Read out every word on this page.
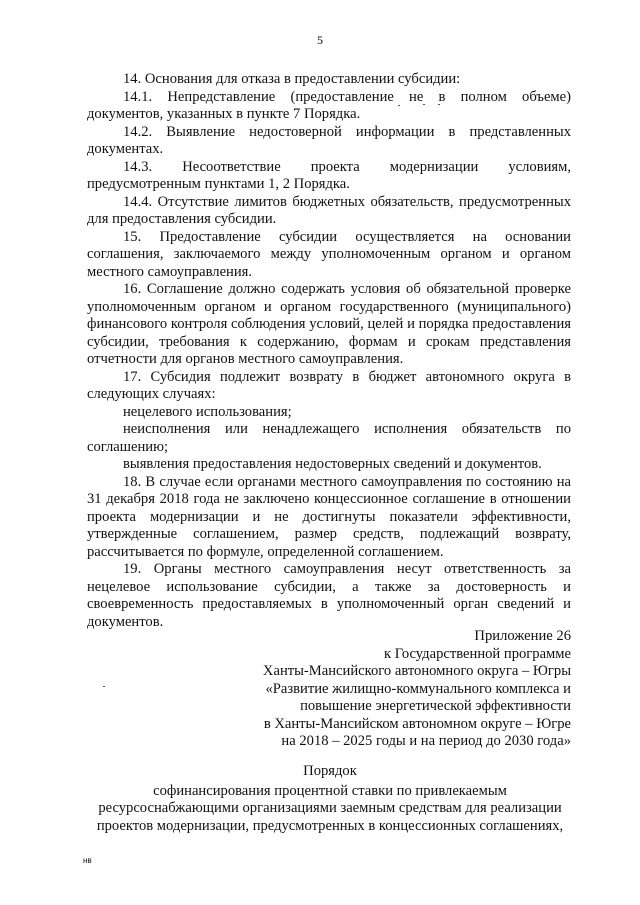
5

14. Основания для отказа в предоставлении субсидии:

14.1. Непредставление (предоставление не в полном объеме) документов, указанных в пункте 7 Порядка.

14.2. Выявление недостоверной информации в представленных документах.

14.3. Несоответствие проекта модернизации условиям, предусмотренным пунктами 1, 2 Порядка.

14.4. Отсутствие лимитов бюджетных обязательств, предусмотренных для предоставления субсидии.

15. Предоставление субсидии осуществляется на основании соглашения, заключаемого между уполномоченным органом и органом местного самоуправления.

16. Соглашение должно содержать условия об обязательной проверке уполномоченным органом и органом государственного (муниципального) финансового контроля соблюдения условий, целей и порядка предоставления субсидии, требования к содержанию, формам и срокам представления отчетности для органов местного самоуправления.

17. Субсидия подлежит возврату в бюджет автономного округа в следующих случаях:

нецелевого использования;

неисполнения или ненадлежащего исполнения обязательств по соглашению;

выявления предоставления недостоверных сведений и документов.

18. В случае если органами местного самоуправления по состоянию на 31 декабря 2018 года не заключено концессионное соглашение в отношении проекта модернизации и не достигнуты показатели эффективности, утвержденные соглашением, размер средств, подлежащий возврату, рассчитывается по формуле, определенной соглашением.

19. Органы местного самоуправления несут ответственность за нецелевое использование субсидии, а также за достоверность и своевременность предоставляемых в уполномоченный орган сведений и документов.

Приложение 26
к Государственной программе
Ханты-Мансийского автономного округа – Югры
«Развитие жилищно-коммунального комплекса и
повышение энергетической эффективности
в Ханты-Мансийском автономном округе – Югре
на 2018 – 2025 годы и на период до 2030 года»
Порядок
софинансирования процентной ставки по привлекаемым
ресурсоснабжающими организациями заемным средствам для реализации
проектов модернизации, предусмотренных в концессионных соглашениях,
нв
